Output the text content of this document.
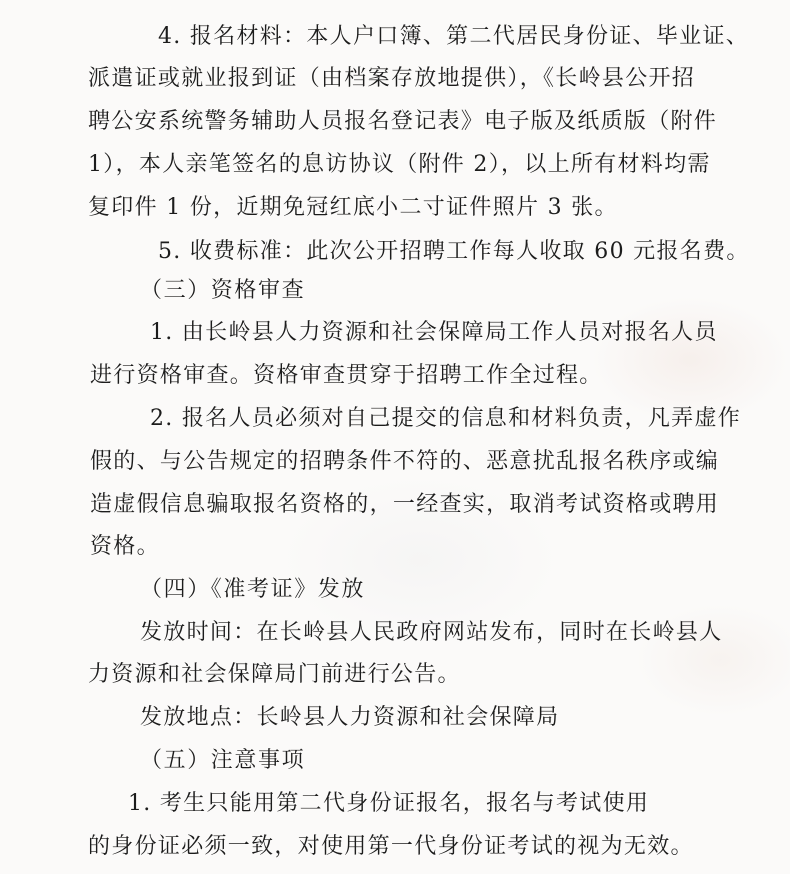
4. 报名材料：本人户口簿、第二代居民身份证、毕业证、
派遣证或就业报到证（由档案存放地提供），《长岭县公开招
聘公安系统警务辅助人员报名登记表》电子版及纸质版（附件
1），本人亲笔签名的息访协议（附件 2），以上所有材料均需
复印件 1 份，近期免冠红底小二寸证件照片 3 张。
5. 收费标准：此次公开招聘工作每人收取 60 元报名费。
（三）资格审查
1. 由长岭县人力资源和社会保障局工作人员对报名人员
进行资格审查。资格审查贯穿于招聘工作全过程。
2. 报名人员必须对自己提交的信息和材料负责，凡弄虚作
假的、与公告规定的招聘条件不符的、恶意扰乱报名秩序或编
造虚假信息骗取报名资格的，一经查实，取消考试资格或聘用
资格。
（四）《准考证》发放
发放时间：在长岭县人民政府网站发布，同时在长岭县人
力资源和社会保障局门前进行公告。
发放地点：长岭县人力资源和社会保障局
（五）注意事项
1. 考生只能用第二代身份证报名，报名与考试使用
的身份证必须一致，对使用第一代身份证考试的视为无效。
